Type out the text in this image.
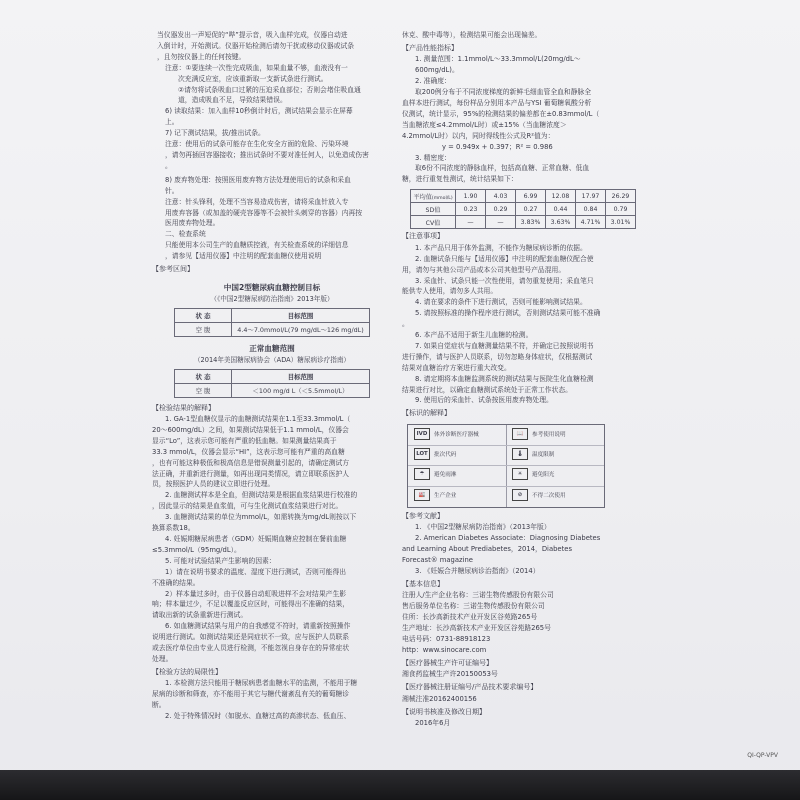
当仪器发出一声短促的“哔”提示音，吸入血样完成，仪器自动进

入倒计时，开始测试。仪器开始检测后请勿干扰或移动仪器或试条

，且勿按仪器上的任何按键。

注意：①要连续一次性完成吸血，如果血量不够，血液没有一

次充满反应室，应该重新取一支新试条进行测试。

②请勿将试条吸血口过紧的压迫采血部位；否则会堵住吸血通

道，造成吸血不足，导致结果错误。

6) 读取结果：加入血样10秒倒计时后，测试结果会显示在屏幕

上。

7) 记下测试结果，拔/推出试条。

注意：使用后的试条可能存在生化安全方面的危险、污染环境

，请勿再插回容器接收；推出试条时不要对准任何人，以免造成伤害

。

8) 废弃物处理：按照医用废弃物方法处理使用后的试条和采血

针。

注意：针头锋利，处理不当容易造成伤害，请将采血针放入专

用废弃容器（或加盖的硬壳容器等不会被针头刺穿的容器）内再按

医用废弃物处理。

二、检查系统

只能使用本公司生产的血糖质控液，有关检查系统的详细信息

，请参见【适用仪器】中注明的配套血糖仪使用说明

【参考区间】

中国2型糖尿病血糖控制目标

（《中国2型糖尿病防治指南》2013年版）

状 态	目标范围
空 腹	4.4～7.0mmol/L(79 mg/dL～126 mg/dL)

正常血糖范围

（2014年美国糖尿病协会（ADA）糖尿病诊疗指南）

状 态	目标范围
空 腹	＜100 mg/d L（＜5.5mmol/L）

【检验结果的解释】

1. GA-1型血糖仪显示的血糖测试结果在1.1至33.3mmol/L（

20～600mg/dL）之间，如果测试结果低于1.1 mmol/L，仪器会

显示“Lo”，这表示您可能有严重的低血糖。如果测量结果高于

33.3 mmol/L，仪器会显示“HI”，这表示您可能有严重的高血糖

，也有可能这种极低和极高信息是错误测量引起的，请确定测试方

法正确，并重新进行测量，如再出现同类情况，请立即联系医护人

员，按照医护人员的建议立即进行处理。

2. 血糖测试样本是全血，但测试结果是根据血浆结果进行校准的

，因此显示的结果是血浆值，可与生化测试血浆结果进行对比。

3. 血糖测试结果的单位为mmol/L，如需转换为mg/dL则按以下

换算系数18。

4. 妊娠期糖尿病患者（GDM）妊娠期血糖应控制在餐前血糖

≤5.3mmol/L（95mg/dL）。

5. 可能对试验结果产生影响的因素：

1）请在说明书要求的温度、湿度下进行测试，否则可能得出

不准确的结果。

2）样本量过多时，由于仪器自动虹吸进样不会对结果产生影

响；样本量过少，不足以覆盖反应区时，可能得出不准确的结果，

请取出新的试条重新进行测试。

6. 如血糖测试结果与用户的自我感觉不符时，请重新按照操作

说明进行测试。如测试结果还是同症状不一致，应与医护人员联系

或去医疗单位由专业人员进行检测，不能忽视自身存在的异常症状

处理。

【检验方法的局限性】

1. 本检测方法只能用于糖尿病患者血糖水平的监测，不能用于糖

尿病的诊断和筛查，亦不能用于其它与糖代谢紊乱有关的葡萄糖诊

断。

2. 处于特殊情况时（如脱水、血糖过高的高渗状态、低血压、

休克、酸中毒等），检测结果可能会出现偏差。

【产品性能指标】

1. 测量范围：1.1mmol/L～33.3mmol/L(20mg/dL～

600mg/dL)。

2. 准确度：

取200例分布于不同浓度梯度的新鲜毛细血管全血和静脉全

血样本进行测试，每份样品分别用本产品与YSI 葡萄糖氧酸分析

仪测试，统计显示，95%的检测结果的偏差都在±0.83mmol/L（

当血糖浓度≤4.2mmol/L时）或±15%（当血糖浓度＞

4.2mmol/L时）以内，同时得线性公式及R²值为：

y = 0.949x + 0.397；R² = 0.986

3. 精密度：

取6份不同浓度的静脉血样，包括高血糖、正常血糖、低血

糖，进行重复性测试，统计结果如下：

平均值(mmol/L)	1.90	4.03	6.99	12.08	17.97	26.29
SD值	0.23	0.29	0.27	0.44	0.84	0.79
CV值	—	—	3.83%	3.63%	4.71%	3.01%

【注意事项】

1. 本产品只用于体外监测，不能作为糖尿病诊断的依据。

2. 血糖试条只能与【适用仪器】中注明的配套血糖仪配合使

用，请勿与其他公司产品或本公司其他型号产品混用。

3. 采血针、试条只能一次性使用，请勿重复使用；采血笔只

能供专人使用，请勿多人共用。

4. 请在要求的条件下进行测试，否则可能影响测试结果。

5. 请按照标准的操作程序进行测试，否则测试结果可能不准确

。

6. 本产品不适用于新生儿血糖的检测。

7. 如果自觉症状与血糖测量结果不符，并确定已按照说明书

进行操作，请与医护人员联系，切勿忽略身体症状，仅根据测试

结果对血糖治疗方案进行重大改变。

8. 请定期将本血糖监测系统的测试结果与医院生化血糖检测

结果进行对比，以确定血糖测试系统处于正常工作状态。

9. 使用后的采血针、试条按医用废弃物处理。

【标识的解释】

IVD 体外诊断医疗器械	📖 参考使用说明
LOT 批次代码	🌡 温度限制
☂ 避免雨淋	☀ 避免阳光
🏭 生产企业	⊘ 不得二次使用

【参考文献】

1. 《中国2型糖尿病防治指南》（2013年版）

2. American Diabetes Associate：Diagnosing Diabetes

and Learning About Prediabetes，2014，Diabetes

Forecast® magazine

3. 《妊娠合并糖尿病诊治指南》（2014）

【基本信息】

注册人/生产企业名称：三诺生物传感股份有限公司

售后服务单位名称：三诺生物传感股份有限公司

住所：长沙高新技术产业开发区谷苑路265号

生产地址：长沙高新技术产业开发区谷苑路265号

电话号码：0731-88918123

http：www.sinocare.com

【医疗器械生产许可证编号】

湘食药监械生产许20150053号

【医疗器械注册证编号/产品技术要求编号】

湘械注准20162400156

【说明书核准及修改日期】

2016年6月

QI-QP-VPV
